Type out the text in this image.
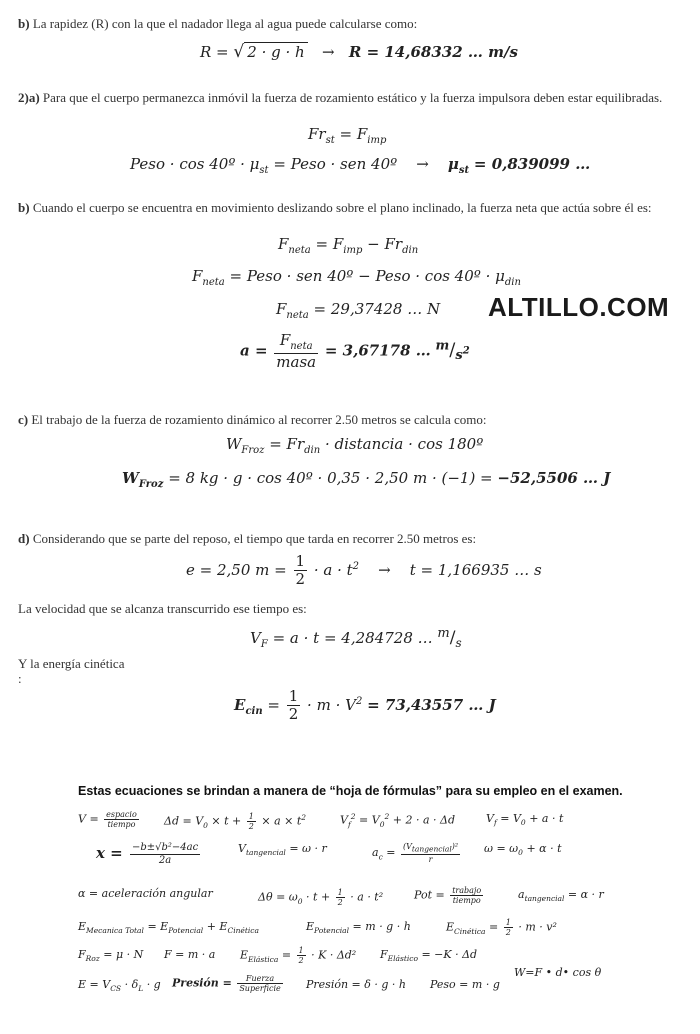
b) La rapidez (R) con la que el nadador llega al agua puede calcularse como:
R = √ 2 · g · h → R = 14,68332 … m/s
2)a) Para que el cuerpo permanezca inmóvil la fuerza de rozamiento estático y la fuerza impulsora deben estar equilibradas.
$Fr_{st} = F_{imp}$
Peso · cos 40º · $\mu_{st}$ = Peso · sen 40º → $\mu_{st} = 0,839099$ …
b) Cuando el cuerpo se encuentra en movimiento deslizando sobre el plano inclinado, la fuerza neta que actúa sobre él es:
$F_{neta} = F_{imp} - Fr_{din}$
$F_{neta}$ = Peso · sen 40º − Peso · cos 40º · $\mu_{din}$
$F_{neta} = 29,37428$ … N ALTILLO.COM
$a = \frac{F_{neta}}{\text{masa}} = 3,67178$ … $^m/_{s^2}$
c) El trabajo de la fuerza de rozamiento dinámico al recorrer 2.50 metros se calcula como:
$W_{Froz} = Fr_{din}$ · distancia · cos 180º
$W_{Froz} = 8$ kg · g · cos 40º · 0,35 · 2,50 m · (−1) = −52,5506 … J
d) Considerando que se parte del reposo, el tiempo que tarda en recorrer 2.50 metros es:
e = 2,50 $m = \frac{1}{2} \cdot a \cdot t^2 \to t = 1,166935$ … s
La velocidad que se alcanza transcurrido ese tiempo es:
$V_F = a \cdot t = 4,284728$ … $^m/_s$
Y la energía cinética
:
$E_{cin} = \frac{1}{2} \cdot m \cdot V^2 = 73,43557$ … J
Estas ecuaciones se brindan a manera de “hoja de fórmulas” para su empleo en el examen.
$V = \frac{\text{espacio}}{\text{tiempo}}$ $\Delta d = V_0 \times t + \frac{1}{2} \times a \times t^2$	$V_f^2 = V_0^2 + 2 \cdot a \cdot \Delta d$	$V_f = V_0 + a \cdot t$
$x = \frac{\text{−b±√b²−4ac}}{2a}$	$V_{tangencial} = \omega \cdot r$	$a_c = \frac{(V_{tangencial})^2}{r}$ $\omega = \omega_0 + \alpha \cdot t$
α = aceleración angular	$\Delta\theta = \omega_0 \cdot t + \frac{1}{2} \cdot a \cdot t^2$	Pot = $\frac{\text{trabajo}}{\text{tiempo}}$	$a_{tangencial} = \alpha \cdot r$
$E_{Mecanica Total} = E_{Potencial} + E_{Cinética}$	$E_{Potencial} = m \cdot g \cdot h$	$E_{Cinética} = \frac{1}{2} \cdot m \cdot v^2$
$F_{Roz} = \mu \cdot N$ F = m · a $E_{Elástica} = \frac{1}{2} \cdot K \cdot \Delta d^2$ $F_{Elástico} = -K \cdot \Delta d$
$E = V_{CS} \cdot \delta_L \cdot g$ Presión = $\frac{\text{Fuerza}}{\text{Superficie}}$ Presión = δ · g · h Peso = m · g
W=F • d• cos θ
